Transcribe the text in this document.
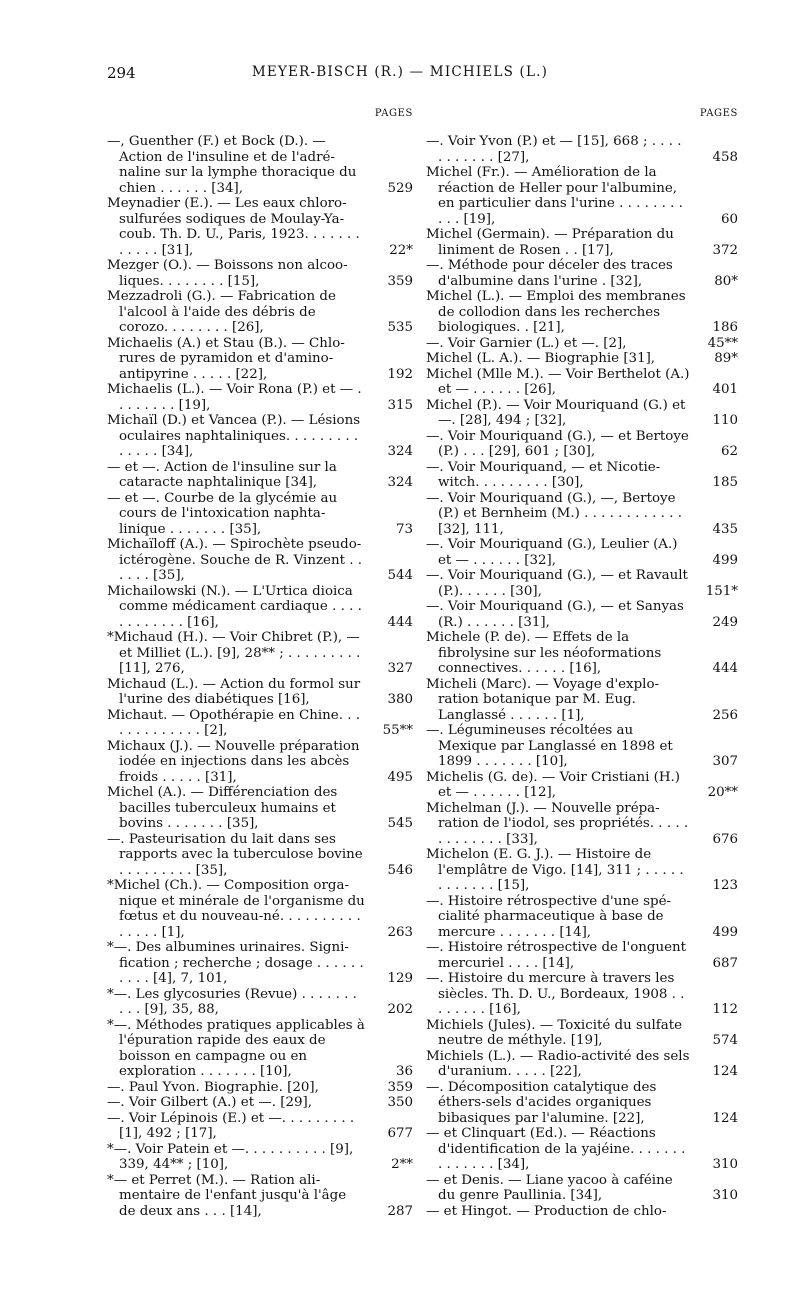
294	MEYER-BISCH (R.) — MICHIELS (L.)
PAGES
—, Guenther (F.) et Bock (D.). — Action de l'insuline et de l'adrénaline sur la lymphe thoracique du chien . . . . . . [34],	529
Meynadier (E.). — Les eaux chlorosulfurées sodiques de Moulay-Yacoub. Th. D. U., Paris, 1923. . . . . . . . . . . . [31],	22*
Mezger (O.). — Boissons non alcooliques. . . . . . . . [15],	359
Mezzadroli (G.). — Fabrication de l'alcool à l'aide des débris de corozo. . . . . . . . [26],	535
Michaelis (A.) et Stau (B.). — Chlorures de pyramidon et d'aminoantipyrine . . . . . [22],	192
Michaelis (L.). — Voir Rona (P.) et — . . . . . . . . [19],	315
Michaïl (D.) et Vancea (P.). — Lésions oculaires naphtaliniques. . . . . . . . . . . . . . [34],	324
— et —. Action de l'insuline sur la cataracte naphtalinique [34],	324
— et —. Courbe de la glycémie au cours de l'intoxication naphtalinique . . . . . . . [35],	73
Michaïloff (A.). — Spirochète pseudo-ictérogène. Souche de R. Vinzent . . . . . . [35],	544
Michailowski (N.). — L'Urtica dioica comme médicament cardiaque . . . . . . . . . . . . [16],	444
*Michaud (H.). — Voir Chibret (P.), — et Milliet (L.). [9], 28** ; . . . . . . . . . [11], 276,	327
Michaud (L.). — Action du formol sur l'urine des diabétiques [16],	380
Michaut. — Opothérapie en Chine. . . . . . . . . . . . . [2],	55**
Michaux (J.). — Nouvelle préparation iodée en injections dans les abcès froids . . . . . [31],	495
Michel (A.). — Différenciation des bacilles tuberculeux humains et bovins . . . . . . . [35],	545
—. Pasteurisation du lait dans ses rapports avec la tuberculose bovine . . . . . . . . . [35],	546
*Michel (Ch.). — Composition organique et minérale de l'organisme du fœtus et du nouveau-né. . . . . . . . . . . . . . . [1],	263
*—. Des albumines urinaires. Signification ; recherche ; dosage . . . . . . . . . . [4], 7, 101,	129
*—. Les glycosuries (Revue) . . . . . . . . . . [9], 35, 88,	202
*—. Méthodes pratiques applicables à l'épuration rapide des eaux de boisson en campagne ou en exploration . . . . . . . [10],	36
—. Paul Yvon. Biographie. [20],	359
—. Voir Gilbert (A.) et —. [29],	350
—. Voir Lépinois (E.) et —. . . . . . . . . [1], 492 ; [17],	677
*—. Voir Patein et —. . . . . . . . . . [9], 339, 44** ; [10],	2**
*— et Perret (M.). — Ration alimentaire de l'enfant jusqu'à l'âge de deux ans . . . [14],	287
PAGES
—. Voir Yvon (P.) et — [15], 668 ; . . . . . . . . . . . [27],	458
Michel (Fr.). — Amélioration de la réaction de Heller pour l'albumine, en particulier dans l'urine . . . . . . . . . . . [19],	60
Michel (Germain). — Préparation du liniment de Rosen . . [17],	372
—. Méthode pour déceler des traces d'albumine dans l'urine . [32],	80*
Michel (L.). — Emploi des membranes de collodion dans les recherches biologiques. . [21],	186
—. Voir Garnier (L.) et —. [2],	45**
Michel (L. A.). — Biographie [31],	89*
Michel (Mlle M.). — Voir Berthelot (A.) et — . . . . . . [26],	401
Michel (P.). — Voir Mouriquand (G.) et —. [28], 494 ; [32],	110
—. Voir Mouriquand (G.), — et Bertoye (P.) . . . [29], 601 ; [30],	62
—. Voir Mouriquand, — et Nicotiewitch. . . . . . . . . [30],	185
—. Voir Mouriquand (G.), —, Bertoye (P.) et Bernheim (M.) . . . . . . . . . . . . [32], 111,	435
—. Voir Mouriquand (G.), Leulier (A.) et — . . . . . . [32],	499
—. Voir Mouriquand (G.), — et Ravault (P.). . . . . . [30],	151*
—. Voir Mouriquand (G.), — et Sanyas (R.) . . . . . . [31],	249
Michele (P. de). — Effets de la fibrolysine sur les néoformations connectives. . . . . . [16],	444
Micheli (Marc). — Voyage d'exploration botanique par M. Eug. Langlassé . . . . . . [1],	256
—. Légumineuses récoltées au Mexique par Langlassé en 1898 et 1899 . . . . . . . [10],	307
Michelis (G. de). — Voir Cristiani (H.) et — . . . . . . [12],	20**
Michelman (J.). — Nouvelle préparation de l'iodol, ses propriétés. . . . . . . . . . . . . [33],	676
Michelon (E. G. J.). — Histoire de l'emplâtre de Vigo. [14], 311 ; . . . . . . . . . . . . [15],	123
—. Histoire rétrospective d'une spécialité pharmaceutique à base de mercure . . . . . . . [14],	499
—. Histoire rétrospective de l'onguent mercuriel . . . . [14],	687
—. Histoire du mercure à travers les siècles. Th. D. U., Bordeaux, 1908 . . . . . . . . [16],	112
Michiels (Jules). — Toxicité du sulfate neutre de méthyle. [19],	574
Michiels (L.). — Radio-activité des sels d'uranium. . . . . [22],	124
—. Décomposition catalytique des éthers-sels d'acides organiques bibasiques par l'alumine. [22],	124
— et Clinquart (Ed.). — Réactions d'identification de la yajéine. . . . . . . . . . . . . . [34],	310
— et Denis. — Liane yacoo à caféine du genre Paullinia. [34],	310
— et Hingot. — Production de chlo-
